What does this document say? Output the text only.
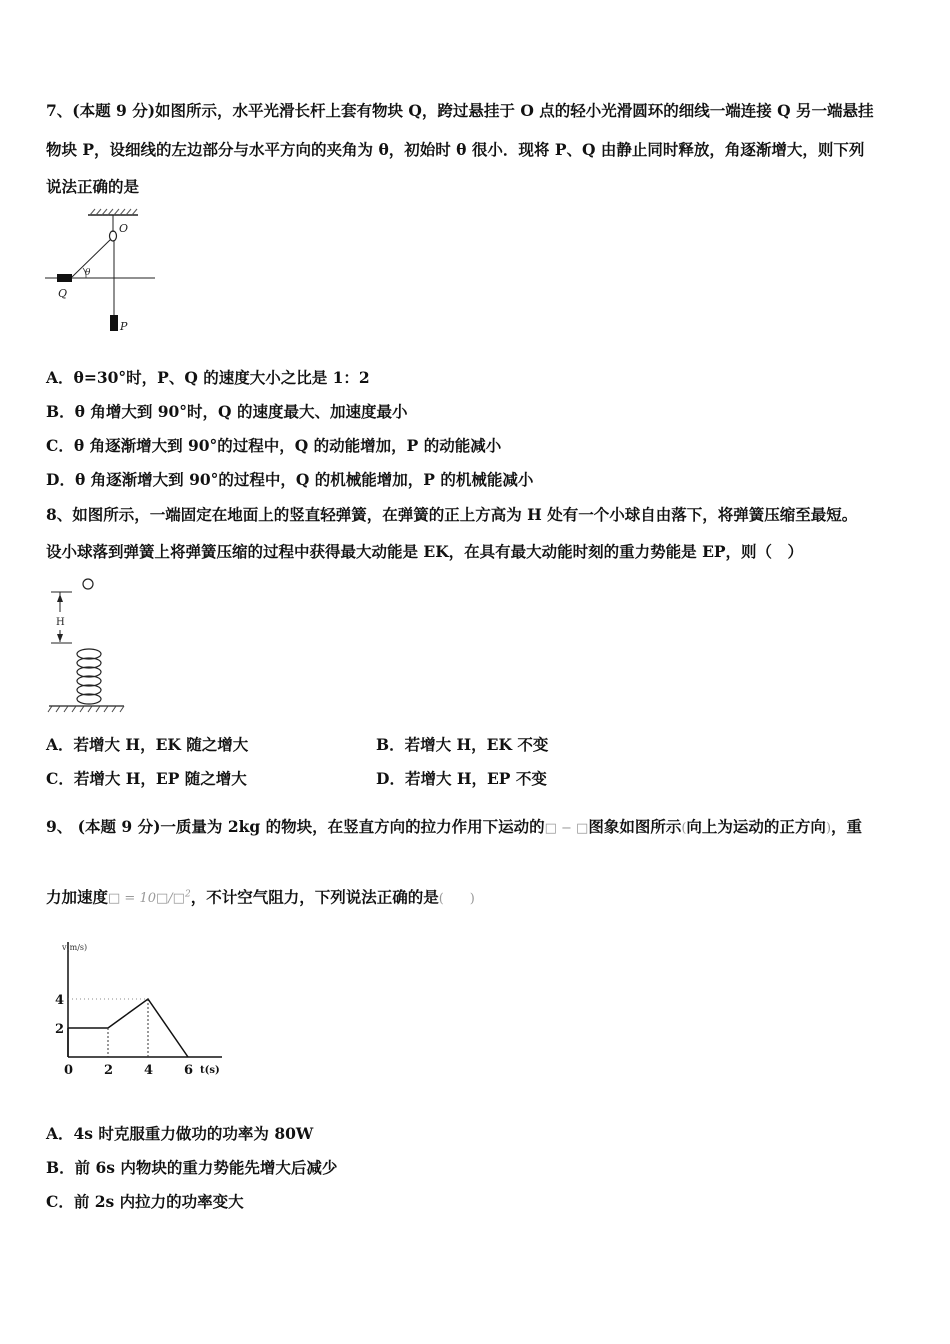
7、(本题 9 分)如图所示，水平光滑长杆上套有物块 Q，跨过悬挂于 O 点的轻小光滑圆环的细线一端连接 Q 另一端悬挂
物块 P，设细线的左边部分与水平方向的夹角为 θ，初始时 θ 很小．现将 P、Q 由静止同时释放，角逐渐增大，则下列
说法正确的是
O
θ
Q
P
A．θ=30°时，P、Q 的速度大小之比是 1：2
B．θ 角增大到 90°时，Q 的速度最大、加速度最小
C．θ 角逐渐增大到 90°的过程中，Q 的动能增加，P 的动能减小
D．θ 角逐渐增大到 90°的过程中，Q 的机械能增加，P 的机械能减小
8、如图所示，一端固定在地面上的竖直轻弹簧，在弹簧的正上方高为 H 处有一个小球自由落下，将弹簧压缩至最短。
设小球落到弹簧上将弹簧压缩的过程中获得最大动能是 EK，在具有最大动能时刻的重力势能是 EP，则（　）
H
A．若增大 H，EK 随之增大	B．若增大 H，EK 不变
C．若增大 H，EP 随之增大	D．若增大 H，EP 不变
9、 (本题 9 分)一质量为 2kg 的物块，在竖直方向的拉力作用下运动的□ − □图象如图所示(向上为运动的正方向)，重
力加速度□ = 10□/□$^2$，不计空气阻力，下列说法正确的是(　　)
v(m/s)
t(s)
0 2 4 6
2
4
A．4s 时克服重力做功的功率为 80W
B．前 6s 内物块的重力势能先增大后减少
C．前 2s 内拉力的功率变大
